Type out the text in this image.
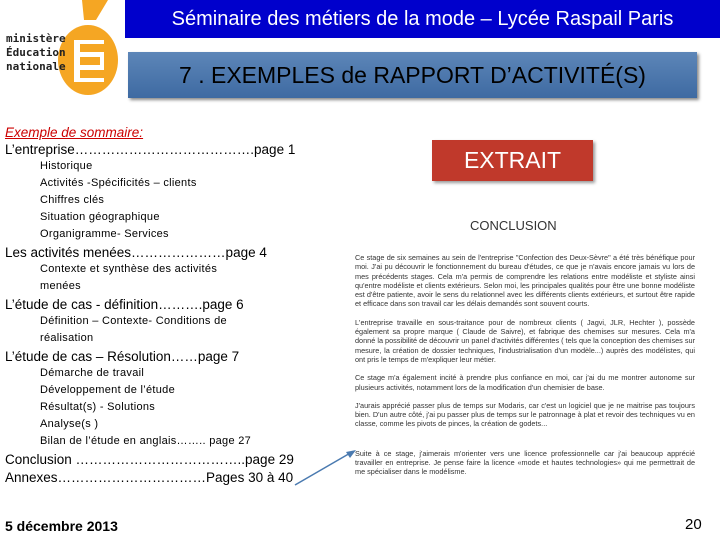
ministère
Éducation
nationale
Séminaire des métiers de la mode – Lycée Raspail Paris
7 . EXEMPLES de RAPPORT D’ACTIVITÉ(S)
Exemple de sommaire:
L’entreprise………………………………….page 1
Historique
Activités -Spécificités – clients
Chiffres clés
Situation géographique
Organigramme- Services
Les activités menées…………………page 4
Contexte et synthèse des activités
menées
L’étude de cas - définition……….page 6
Définition – Contexte- Conditions de
réalisation
L’étude de cas – Résolution……page 7
Démarche de travail
Développement de l’étude
Résultat(s) - Solutions
Analyse(s )
Bilan de l’étude en anglais…….. page 27
Conclusion ………………………………..page 29
Annexes……………………………Pages 30 à 40
EXTRAIT
CONCLUSION

Ce stage de six semaines au sein de l'entreprise "Confection des Deux-Sèvre" a été très bénéfique pour moi. J'ai pu découvrir le fonctionnement du bureau d'études, ce que je n'avais encore jamais vu lors de mes précédents stages. Cela m'a permis de comprendre les relations entre modéliste et styliste ainsi qu'entre modéliste et clients extérieurs. Selon moi, les principales qualités pour être une bonne modéliste est d'être patiente, avoir le sens du relationnel avec les différents clients extérieurs, et surtout être rapide et efficace dans son travail car les délais demandés sont souvent courts.

L'entreprise travaille en sous-traitance pour de nombreux clients ( Jagvi, JLR, Hechter ), possède également sa propre marque ( Claude de Saivre), et fabrique des chemises sur mesures. Cela m'a donné la possibilité de découvrir un panel d'activités différentes ( tels que la conception des chemises sur mesure, la création de dossier techniques, l'industrialisation d'un modèle...) auprès des modélistes, qui ont pris le temps de m'expliquer leur métier.

Ce stage m'a également incité à prendre plus confiance en moi, car j'ai du me montrer autonome sur plusieurs activités, notamment lors de la modification d'un chemisier de base.

J'aurais apprécié passer plus de temps sur Modaris, car c'est un logiciel que je ne maitrise pas toujours bien. D'un autre côté, j'ai pu passer plus de temps sur le patronnage à plat et revoir des techniques vu en classe, comme les pivots de pinces, la création de godets...

Suite à ce stage, j'aimerais m'orienter vers une licence professionnelle car j'ai beaucoup apprécié travailler en entreprise. Je pense faire la licence «mode et hautes technologies» qui me permettrait de me spécialiser dans le modélisme.

5 décembre 2013	20
